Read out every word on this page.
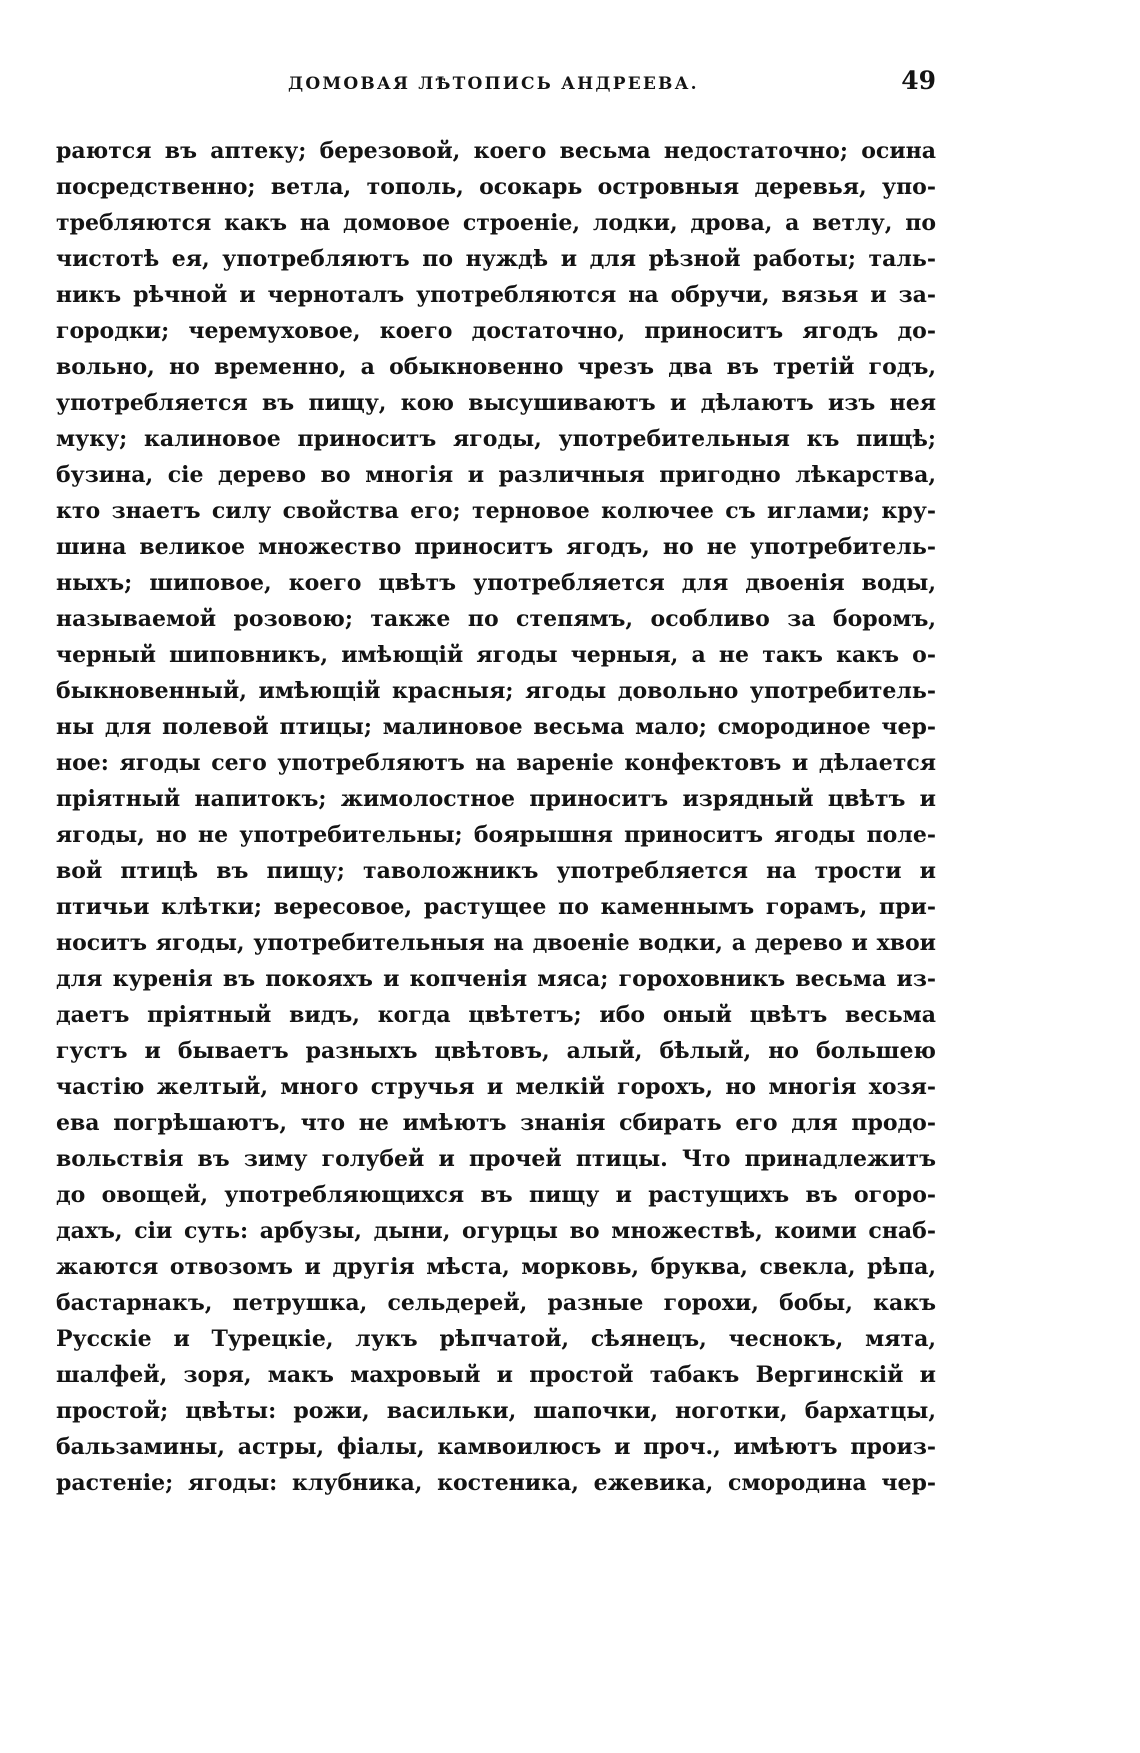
ДОМОВАЯ ЛѢТОПИСЬ АНДРЕЕВА.	49
раются въ аптеку; березовой, коего весьма недостаточно; осина
посредственно; ветла, тополь, осокарь островныя деревья, упо-
требляются какъ на домовое строеніе, лодки, дрова, а ветлу, по
чистотѣ ея, употребляютъ по нуждѣ и для рѣзной работы; таль-
никъ рѣчной и черноталъ употребляются на обручи, вязья и за-
городки; черемуховое, коего достаточно, приноситъ ягодъ до-
вольно, но временно, а обыкновенно чрезъ два въ третій годъ,
употребляется въ пищу, кою высушиваютъ и дѣлаютъ изъ нея
муку; калиновое приноситъ ягоды, употребительныя къ пищѣ;
бузина, сіе дерево во многія и различныя пригодно лѣкарства,
кто знаетъ силу свойства его; терновое колючее съ иглами; кру-
шина великое множество приноситъ ягодъ, но не употребитель-
ныхъ; шиповое, коего цвѣтъ употребляется для двоенія воды,
называемой розовою; также по степямъ, особливо за боромъ,
черный шиповникъ, имѣющій ягоды черныя, а не такъ какъ о-
быкновенный, имѣющій красныя; ягоды довольно употребитель-
ны для полевой птицы; малиновое весьма мало; смородиное чер-
ное: ягоды сего употребляютъ на вареніе конфектовъ и дѣлается
пріятный напитокъ; жимолостное приноситъ изрядный цвѣтъ и
ягоды, но не употребительны; боярышня приноситъ ягоды поле-
вой птицѣ въ пищу; таволожникъ употребляется на трости и
птичьи клѣтки; вересовое, растущее по каменнымъ горамъ, при-
носитъ ягоды, употребительныя на двоеніе водки, а дерево и хвои
для куренія въ покояхъ и копченія мяса; гороховникъ весьма из-
даетъ пріятный видъ, когда цвѣтетъ; ибо оный цвѣтъ весьма
густъ и бываетъ разныхъ цвѣтовъ, алый, бѣлый, но большею
частію желтый, много стручья и мелкій горохъ, но многія хозя-
ева погрѣшаютъ, что не имѣютъ знанія сбирать его для продо-
вольствія въ зиму голубей и прочей птицы. Что принадлежитъ
до овощей, употребляющихся въ пищу и растущихъ въ огоро-
дахъ, сіи суть: арбузы, дыни, огурцы во множествѣ, коими снаб-
жаются отвозомъ и другія мѣста, морковь, бруква, свекла, рѣпа,
бастарнакъ, петрушка, сельдерей, разные горохи, бобы, какъ
Русскіе и Турецкіе, лукъ рѣпчатой, сѣянецъ, чеснокъ, мята,
шалфей, зоря, макъ махровый и простой табакъ Вергинскій и
простой; цвѣты: рожи, васильки, шапочки, ноготки, бархатцы,
бальзамины, астры, фіалы, камвоилюсъ и проч., имѣютъ произ-
растеніе; ягоды: клубника, костеника, ежевика, смородина чер-
